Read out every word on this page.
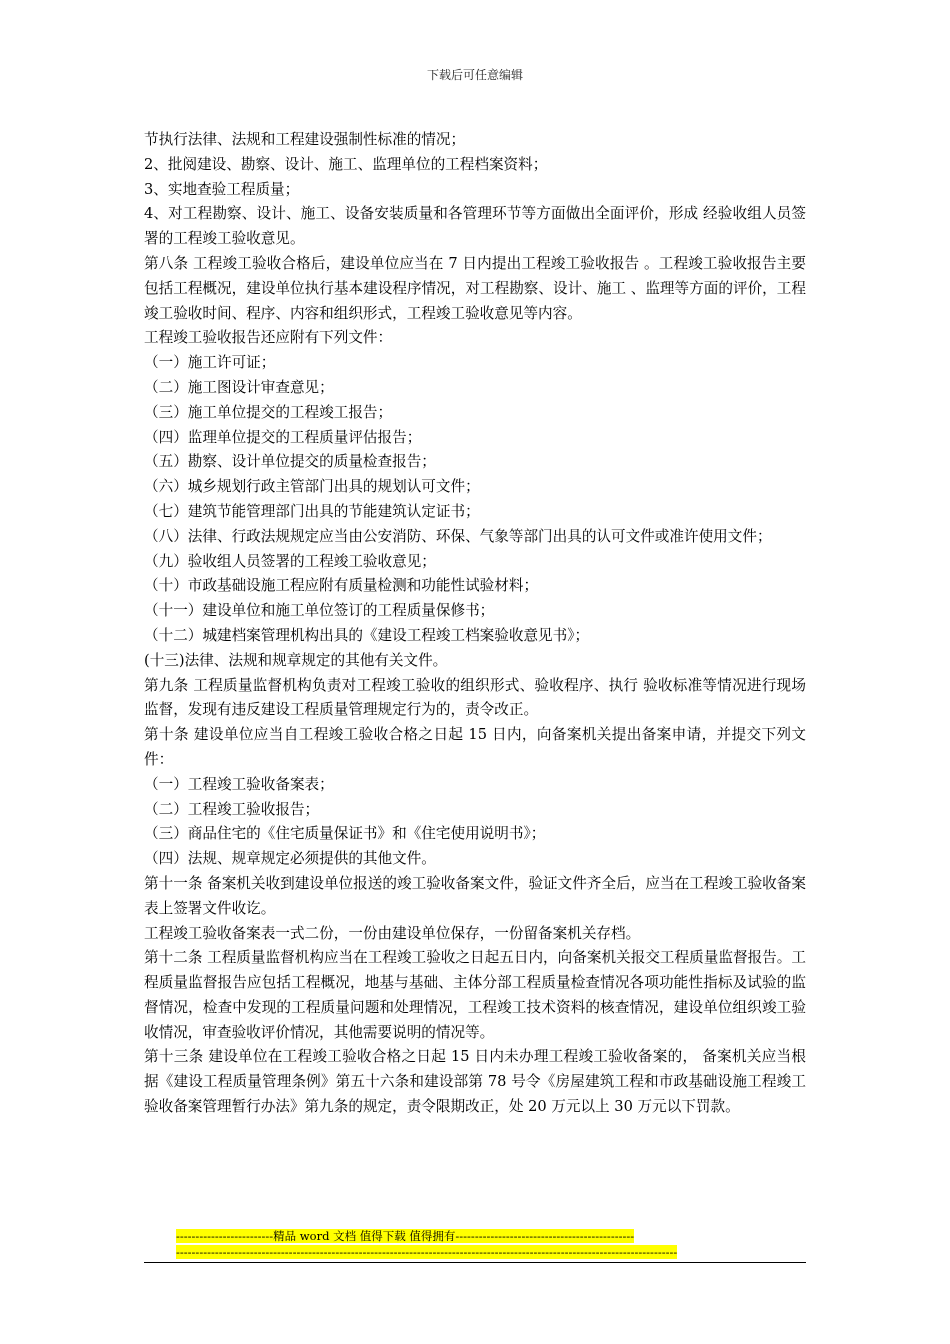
下载后可任意编辑

节执行法律、法规和工程建设强制性标准的情况；

2、批阅建设、勘察、设计、施工、监理单位的工程档案资料；

3、实地查验工程质量；

4、对工程勘察、设计、施工、设备安装质量和各管理环节等方面做出全面评价，形成 经验收组人员签署的工程竣工验收意见。

第八条 工程竣工验收合格后，建设单位应当在 7 日内提出工程竣工验收报告 。工程竣工验收报告主要包括工程概况，建设单位执行基本建设程序情况，对工程勘察、设计、施工 、监理等方面的评价，工程竣工验收时间、程序、内容和组织形式，工程竣工验收意见等内容。

工程竣工验收报告还应附有下列文件：

（一）施工许可证；

（二）施工图设计审查意见；

（三）施工单位提交的工程竣工报告；

（四）监理单位提交的工程质量评估报告；

（五）勘察、设计单位提交的质量检查报告；

（六）城乡规划行政主管部门出具的规划认可文件；

（七）建筑节能管理部门出具的节能建筑认定证书；

（八）法律、行政法规规定应当由公安消防、环保、气象等部门出具的认可文件或准许使用文件；

（九）验收组人员签署的工程竣工验收意见；

（十）市政基础设施工程应附有质量检测和功能性试验材料；

（十一）建设单位和施工单位签订的工程质量保修书；

（十二）城建档案管理机构出具的《建设工程竣工档案验收意见书》；

(十三)法律、法规和规章规定的其他有关文件。

第九条 工程质量监督机构负责对工程竣工验收的组织形式、验收程序、执行 验收标准等情况进行现场监督，发现有违反建设工程质量管理规定行为的，责令改正。

第十条 建设单位应当自工程竣工验收合格之日起 15 日内，向备案机关提出备案申请，并提交下列文件：

（一）工程竣工验收备案表；

（二）工程竣工验收报告；

（三）商品住宅的《住宅质量保证书》和《住宅使用说明书》；

（四）法规、规章规定必须提供的其他文件。

第十一条 备案机关收到建设单位报送的竣工验收备案文件，验证文件齐全后，应当在工程竣工验收备案表上签署文件收讫。

工程竣工验收备案表一式二份，一份由建设单位保存，一份留备案机关存档。

第十二条 工程质量监督机构应当在工程竣工验收之日起五日内，向备案机关报交工程质量监督报告。工程质量监督报告应包括工程概况，地基与基础、主体分部工程质量检查情况各项功能性指标及试验的监督情况，检查中发现的工程质量问题和处理情况，工程竣工技术资料的核查情况，建设单位组织竣工验收情况，审查验收评价情况，其他需要说明的情况等。

第十三条 建设单位在工程竣工验收合格之日起 15 日内未办理工程竣工验收备案的， 备案机关应当根据《建设工程质量管理条例》第五十六条和建设部第 78 号令《房屋建筑工程和市政基础设施工程竣工验收备案管理暂行办法》第九条的规定，责令限期改正，处 20 万元以上 30 万元以下罚款。

-------------------------精品 word 文档 值得下载 值得拥有----------------------------------------------
---------------------------------------------------------------------------------------------------------------------------------
